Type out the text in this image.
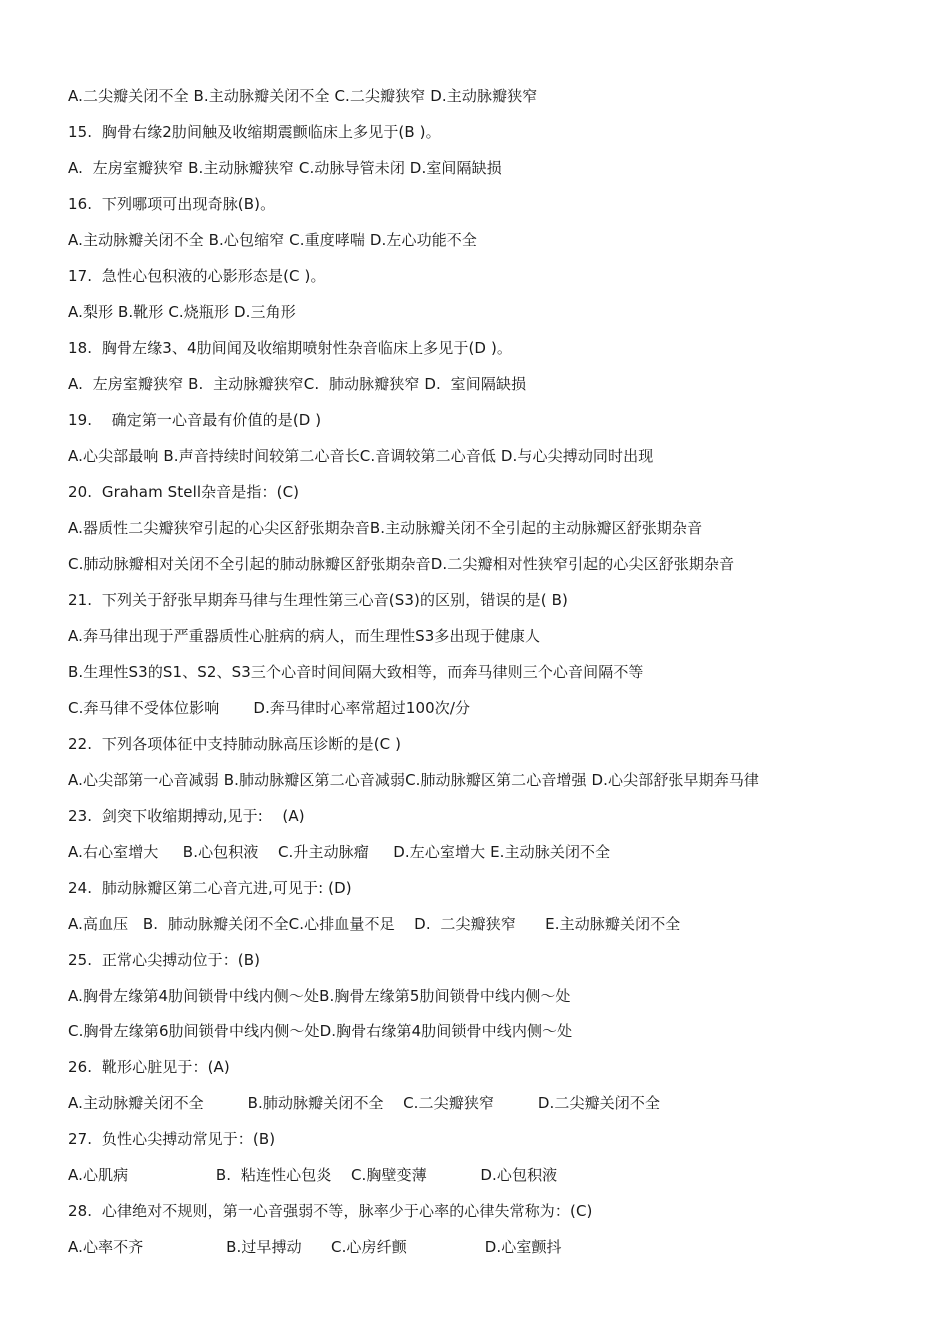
A.二尖瓣关闭不全 B.主动脉瓣关闭不全 C.二尖瓣狭窄 D.主动脉瓣狭窄
15.  胸骨右缘2肋间触及收缩期震颤临床上多见于(B )。
A.  左房室瓣狭窄 B.主动脉瓣狭窄 C.动脉导管未闭 D.室间隔缺损
16.  下列哪项可出现奇脉(B)。
A.主动脉瓣关闭不全 B.心包缩窄 C.重度哮喘 D.左心功能不全
17.  急性心包积液的心影形态是(C )。
A.梨形 B.靴形 C.烧瓶形 D.三角形
18.  胸骨左缘3、4肋间闻及收缩期喷射性杂音临床上多见于(D )。
A.  左房室瓣狭窄 B.  主动脉瓣狭窄C.  肺动脉瓣狭窄 D.  室间隔缺损
19.    确定第一心音最有价值的是(D )
A.心尖部最响 B.声音持续时间较第二心音长C.音调较第二心音低 D.与心尖搏动同时出现
20.  Graham Stell杂音是指：(C)
A.器质性二尖瓣狭窄引起的心尖区舒张期杂音B.主动脉瓣关闭不全引起的主动脉瓣区舒张期杂音
C.肺动脉瓣相对关闭不全引起的肺动脉瓣区舒张期杂音D.二尖瓣相对性狭窄引起的心尖区舒张期杂音
21.  下列关于舒张早期奔马律与生理性第三心音(S3)的区别，错误的是( B)
A.奔马律出现于严重器质性心脏病的病人，而生理性S3多出现于健康人
B.生理性S3的S1、S2、S3三个心音时间间隔大致相等，而奔马律则三个心音间隔不等
C.奔马律不受体位影响       D.奔马律时心率常超过100次/分
22.  下列各项体征中支持肺动脉高压诊断的是(C )
A.心尖部第一心音减弱 B.肺动脉瓣区第二心音减弱C.肺动脉瓣区第二心音增强 D.心尖部舒张早期奔马律
23.  剑突下收缩期搏动,见于:    (A)
A.右心室增大     B.心包积液    C.升主动脉瘤     D.左心室增大 E.主动脉关闭不全
24.  肺动脉瓣区第二心音亢进,可见于: (D)
A.高血压   B.  肺动脉瓣关闭不全C.心排血量不足    D.  二尖瓣狭窄      E.主动脉瓣关闭不全
25.  正常心尖搏动位于：(B)
A.胸骨左缘第4肋间锁骨中线内侧～处B.胸骨左缘第5肋间锁骨中线内侧～处
C.胸骨左缘第6肋间锁骨中线内侧～处D.胸骨右缘第4肋间锁骨中线内侧～处
26.  靴形心脏见于：(A)
A.主动脉瓣关闭不全         B.肺动脉瓣关闭不全    C.二尖瓣狭窄         D.二尖瓣关闭不全
27.  负性心尖搏动常见于：(B)
A.心肌病                  B.  粘连性心包炎    C.胸壁变薄           D.心包积液
28.  心律绝对不规则，第一心音强弱不等，脉率少于心率的心律失常称为：(C)
A.心率不齐                 B.过早搏动      C.心房纤颤                D.心室颤抖
